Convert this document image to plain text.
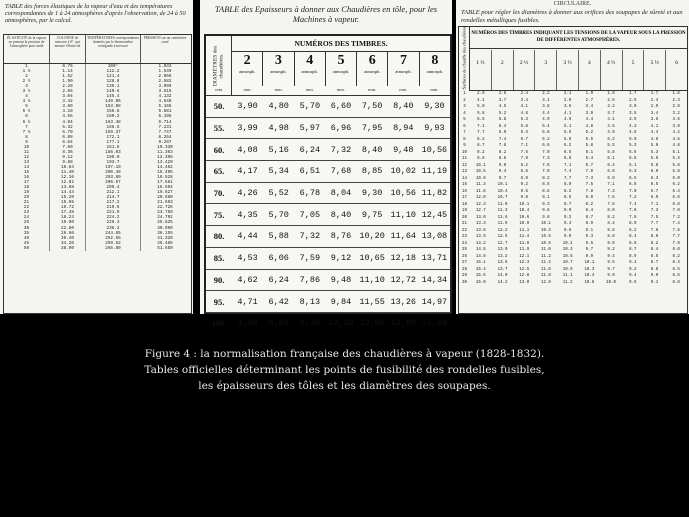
TABLE des forces élastiques de la vapeur d'eau et des températures correspondantes de 1 à 24 atmosphères d'après l'observation, de 24 à 50 atmosphères, par le calcul.
ÉLASTICITÉ de la vapeur en prenant la pression de l'atmosphère pour unité
COLONNE de mercure à 0°, qui mesure l'élasticité
TEMPÉRATURES correspondantes données par le thermomètre centigrade à mercure
PRESSION sur un centimètre carré
1	0.76	100°	1.033
1 ½	1.14	112.2	1.549
2	1.52	121.4	2.066
2 ½	1.90	128.8	2.582
3	2.28	135.1	3.099
3 ½	2.66	140.6	3.615
4	3.04	145.4	4.132
4 ½	3.42	149.06	4.648
5	3.80	153.08	5.165
5 ½	4.18	156.8	5.681
6	4.56	160.2	6.198
6 ½	4.94	163.48	6.714
7	5.32	166.5	7.231
7 ½	5.70	169.37	7.747
8	6.08	172.1	8.264
9	6.84	177.1	9.297
10	7.60	181.6	10.330
11	8.36	186.03	11.363
12	9.12	190.0	12.396
13	9.88	193.7	13.429
14	10.64	197.19	14.462
15	11.40	200.48	15.495
16	12.16	203.60	16.528
17	12.92	206.57	17.561
18	13.68	209.4	18.594
19	14.44	212.1	19.627
20	15.20	214.7	20.660
21	15.96	217.2	21.693
22	16.72	219.6	22.726
23	17.48	221.9	23.759
24	18.24	224.2	24.792
25	19.00	226.3	25.825
30	22.80	236.2	30.990
35	26.60	244.85	36.155
40	30.40	252.55	41.320
45	34.20	259.52	46.485
50	38.00	265.89	51.650
TABLE des Epaisseurs à donner aux Chaudières en tôle, pour les Machines à vapeur.
DIAMÈTRES des chaudières.
NUMÉROS DES TIMBRES.
2
atmosph.
3
atmosph.
4
atmosph.
5
atmosph.
6
atmosph.
7
atmosph.
8
atmosph.
cent.	mm.	mm.	mm.	mm.	mm.	mm.	mm.
50.	3,90	4,80	5,70	6,60	7,50	8,40	9,30
55.	3,99	4,98	5,97	6,96	7,95	8,94	9,93
60.	4,08	5,16	6,24	7,32	8,40	9,48 10,56
65.	4,17	5,34	6,51	7,68	8,85 10,02 11,19
70.	4,26	5,52	6,78	8,04	9,30 10,56 11,82
75.	4,35	5,70	7,05	8,40	9,75 11,10 12,45
80.	4,44	5,88	7,32	8,76 10,20 11,64 13,08
85.	4,53	6,06	7,59	9,12 10,65 12,18 13,71
90.	4,62	6,24	7,86	9,48 11,10 12,72 14,34
95.	4,71	6,42	8,13	9,84 11,55 13,26 14,97
100.	4,80	6,60	8,40 10,20 12,00 13,80 15,60
CIRCULAIRE.
TABLE pour régler les diamètres à donner aux orifices des soupapes de sûreté et aux rondelles métalliques fusibles.
Surfaces de chauffe des chaudières. NUMÉROS DES TIMBRES INDIQUANT LES TENSIONS DE LA VAPEUR SOUS LA PRESSION DE DIFFÉRENTES ATMOSPHÈRES.
1 ½	2	2 ½	3	3 ½	4	4 ½	5	5 ½	6
1	2.9	2.6	2.4	2.2	2.1	1.9	1.8	1.7	1.7	1.6
2	4.1	3.7	3.4	3.1	2.9	2.7	2.6	2.5	2.4	2.3
3	5.0	4.5	4.1	3.8	3.6	3.4	3.2	3.0	2.9	2.8
4	5.8	5.2	4.8	4.4	4.1	3.9	3.7	3.5	3.4	3.2
5	6.5	5.8	5.3	4.9	4.6	4.4	4.1	3.9	3.8	3.6
6	7.1	6.4	5.8	5.4	5.1	4.8	4.5	4.3	4.1	3.9
7	7.7	6.9	6.3	5.8	5.5	5.2	4.9	4.6	4.4	4.2
8	8.2	7.4	6.7	6.2	5.8	5.5	5.2	5.0	4.8	4.5
9	8.7	7.8	7.1	6.6	6.2	5.8	5.5	5.3	5.0	4.8
10	9.2	8.2	7.5	7.0	6.5	6.1	5.8	5.5	5.3	5.1
11	9.6	8.6	7.9	7.3	6.8	6.4	6.1	5.8	5.6	5.3
12	10.1	9.0	8.2	7.6	7.1	6.7	6.4	6.1	5.8	5.6
13	10.5	9.4	8.6	7.9	7.4	7.0	6.6	6.3	6.0	5.8
14	10.9	9.7	8.9	8.2	7.7	7.3	6.9	6.5	6.3	6.0
15	11.3	10.1	9.2	8.5	8.0	7.5	7.1	6.8	6.5	6.2
16	11.6	10.4	9.5	8.8	8.2	7.8	7.3	7.0	6.7	6.4
17	12.0	10.7	9.8	9.1	8.5	8.0	7.6	7.2	6.9	6.6
18	12.3	11.0	10.1	9.3	8.7	8.2	7.8	7.4	7.1	6.8
19	12.7	11.3	10.4	9.6	9.0	8.4	8.0	7.6	7.3	7.0
20	13.0	11.6	10.6	9.8	9.2	8.7	8.2	7.8	7.5	7.2
21	13.3	11.9	10.9	10.1	9.4	8.9	8.4	8.0	7.7	7.4
22	13.6	12.2	11.1	10.3	9.6	9.1	8.6	8.2	7.8	7.5
23	13.9	12.5	11.4	10.5	9.9	9.3	8.8	8.4	8.0	7.7
24	14.2	12.7	11.6	10.8	10.1	9.5	9.0	8.6	8.2	7.9
25	14.5	13.0	11.9	11.0	10.3	9.7	9.2	8.7	8.4	8.0
26	14.8	13.2	12.1	11.2	10.5	9.9	9.4	8.9	8.5	8.2
27	15.1	13.5	12.3	11.4	10.7	10.1	9.5	9.1	8.7	8.3
28	15.4	13.7	12.5	11.6	10.9	10.3	9.7	9.2	8.8	8.5
29	15.6	14.0	12.8	11.8	11.1	10.4	9.9	9.4	9.0	8.6
30	15.9	14.2	13.0	12.0	11.2	10.6	10.0	9.6	9.1	8.8
Figure 4 : la normalisation française des chaudières à vapeur (1828-1832).
Tables officielles déterminant les points de fusibilité des rondelles fusibles,
les épaisseurs des tôles et les diamètres des soupapes.
